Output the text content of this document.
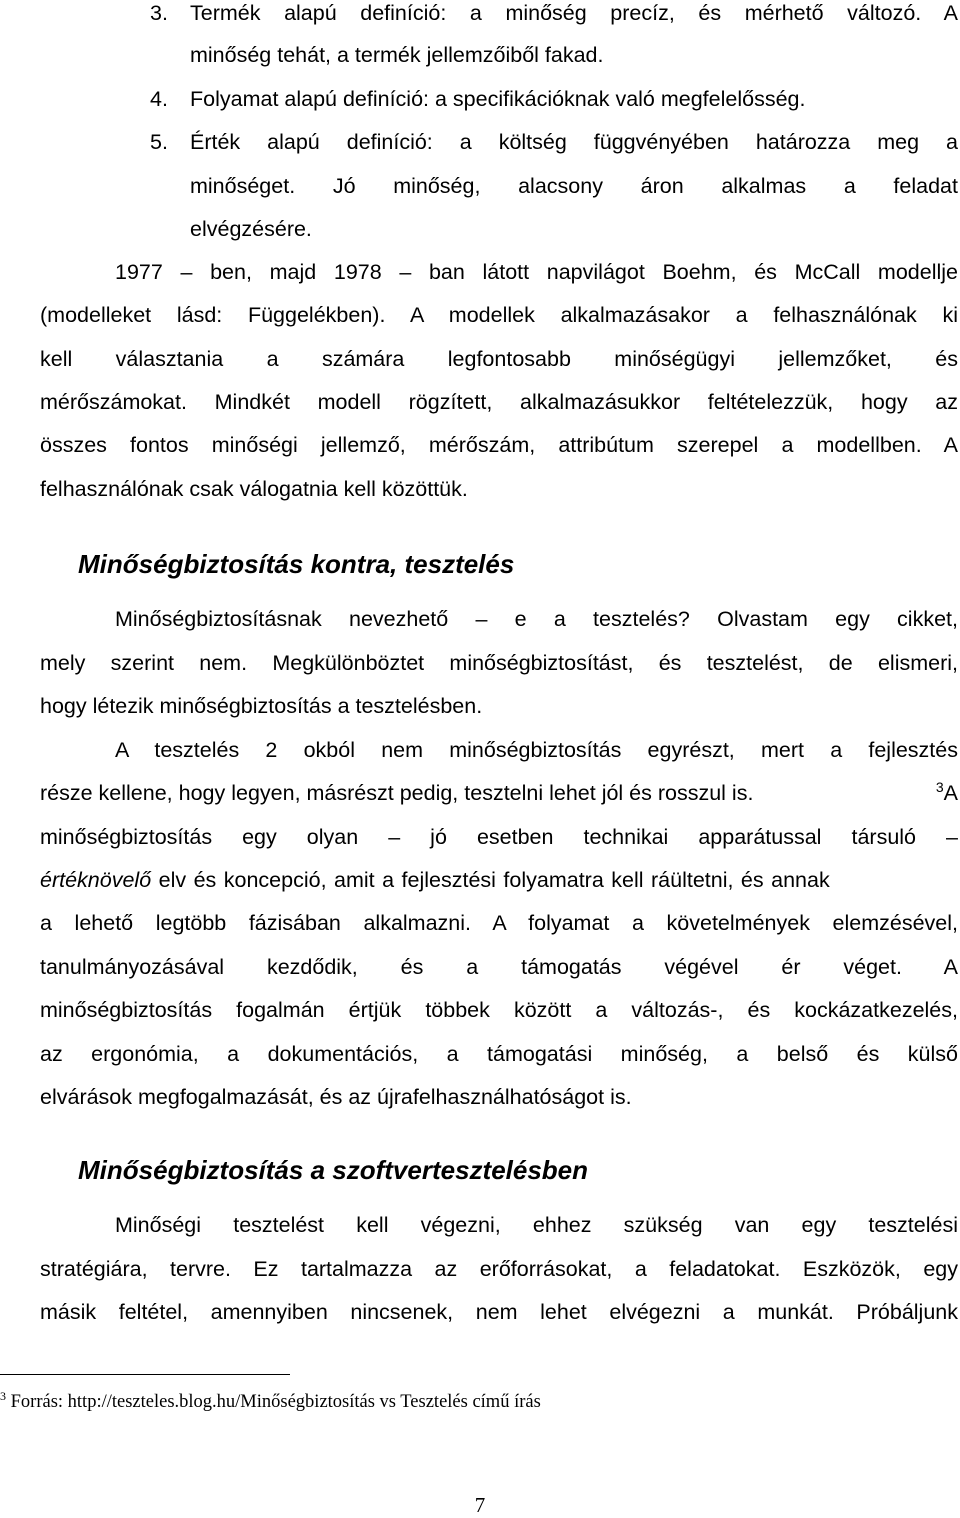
3.	Termék alapú definíció: a minőség precíz, és mérhető változó. A
minőség tehát, a termék jellemzőiből fakad.
4.	Folyamat alapú definíció: a specifikációknak való megfelelősség.
5.	Érték alapú definíció: a költség függvényében határozza meg a
minőséget. Jó minőség, alacsony áron alkalmas a feladat
elvégzésére.
1977 – ben, majd 1978 – ban látott napvilágot Boehm, és McCall modellje
(modelleket lásd: Függelékben). A modellek alkalmazásakor a felhasználónak ki
kell választania a számára legfontosabb minőségügyi jellemzőket, és
mérőszámokat. Mindkét modell rögzített, alkalmazásukkor feltételezzük, hogy az
összes fontos minőségi jellemző, mérőszám, attribútum szerepel a modellben. A
felhasználónak csak válogatnia kell közöttük.
Minőségbiztosítás kontra, tesztelés
Minőségbiztosításnak nevezhető – e a tesztelés? Olvastam egy cikket,
mely szerint nem. Megkülönböztet minőségbiztosítást, és tesztelést, de elismeri,
hogy létezik minőségbiztosítás a tesztelésben.
A tesztelés 2 okból nem minőségbiztosítás egyrészt, mert a fejlesztés
része kellene, hogy legyen, másrészt pedig, tesztelni lehet jól és rosszul is.	$^3$A
minőségbiztosítás egy olyan – jó esetben technikai apparátussal társuló –
értéknövelő elv és koncepció, amit a fejlesztési folyamatra kell ráültetni, és annak
a lehető legtöbb fázisában alkalmazni. A folyamat a követelmények elemzésével,
tanulmányozásával kezdődik, és a támogatás végével ér véget. A
minőségbiztosítás fogalmán értjük többek között a változás-, és kockázatkezelés,
az ergonómia, a dokumentációs, a támogatási minőség, a belső és külső
elvárások megfogalmazását, és az újrafelhasználhatóságot is.
Minőségbiztosítás a szoftvertesztelésben
Minőségi tesztelést kell végezni, ehhez szükség van egy tesztelési
stratégiára, tervre. Ez tartalmazza az erőforrásokat, a feladatokat. Eszközök, egy
másik feltétel, amennyiben nincsenek, nem lehet elvégezni a munkát. Próbáljunk
$^3$ Forrás: http://teszteles.blog.hu/Minőségbiztosítás vs Tesztelés című írás
7
